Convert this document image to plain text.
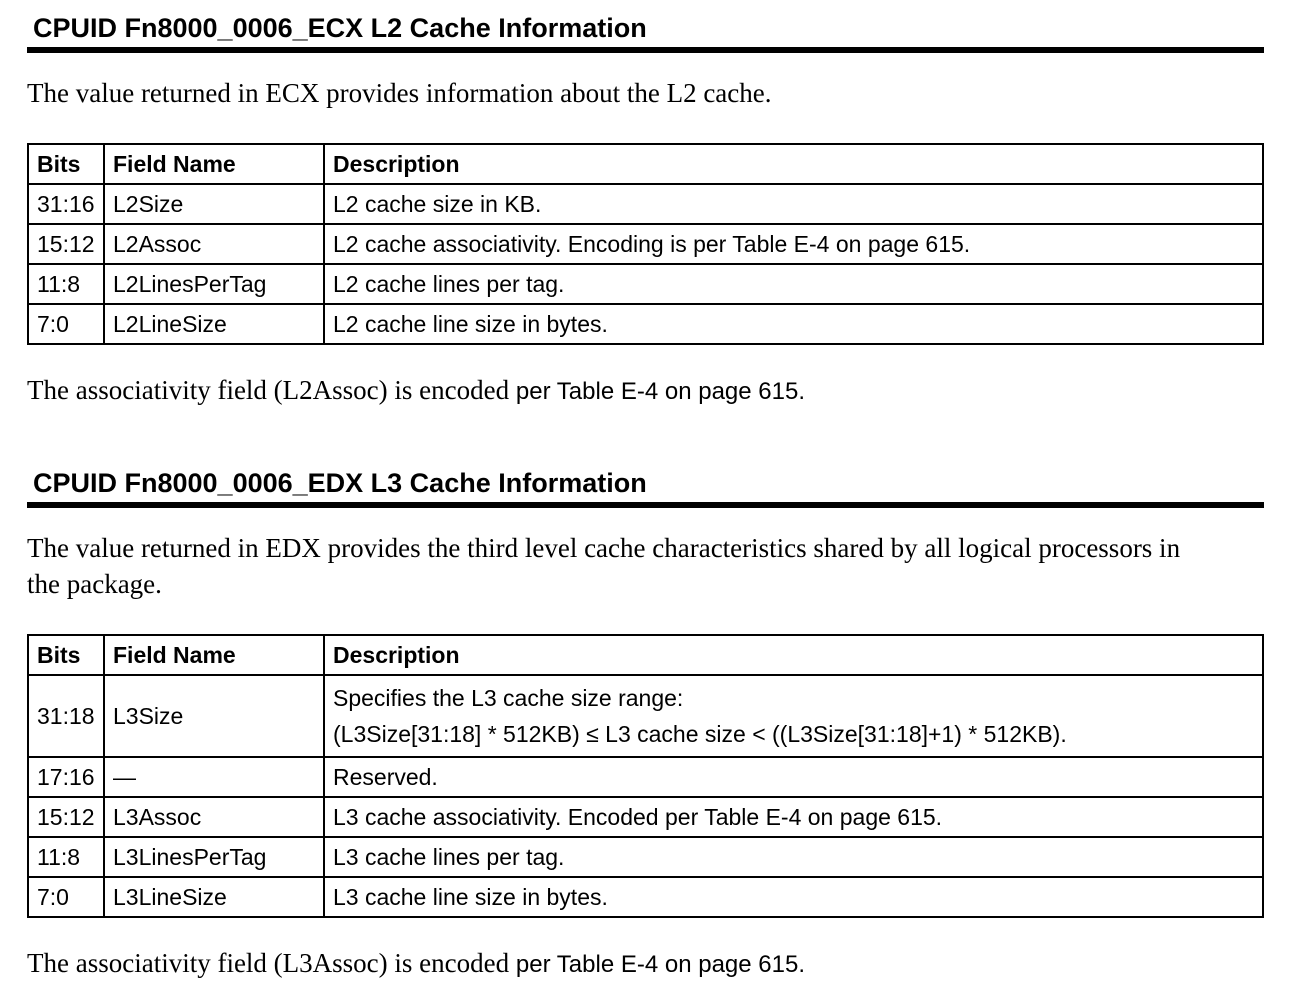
CPUID Fn8000_0006_ECX L2 Cache Information

The value returned in ECX provides information about the L2 cache.

Bits	Field Name	Description
31:16	L2Size	L2 cache size in KB.
15:12	L2Assoc	L2 cache associativity. Encoding is per Table E-4 on page 615.
11:8	L2LinesPerTag	L2 cache lines per tag.
7:0	L2LineSize	L2 cache line size in bytes.

The associativity field (L2Assoc) is encoded per Table E-4 on page 615.

CPUID Fn8000_0006_EDX L3 Cache Information

The value returned in EDX provides the third level cache characteristics shared by all logical processors in the package.

Bits	Field Name	Description
31:18	L3Size	Specifies the L3 cache size range:
(L3Size[31:18] * 512KB) ≤ L3 cache size < ((L3Size[31:18]+1) * 512KB).

17:16	—	Reserved.
15:12	L3Assoc	L3 cache associativity. Encoded per Table E-4 on page 615.
11:8	L3LinesPerTag	L3 cache lines per tag.
7:0	L3LineSize	L3 cache line size in bytes.

The associativity field (L3Assoc) is encoded per Table E-4 on page 615.
